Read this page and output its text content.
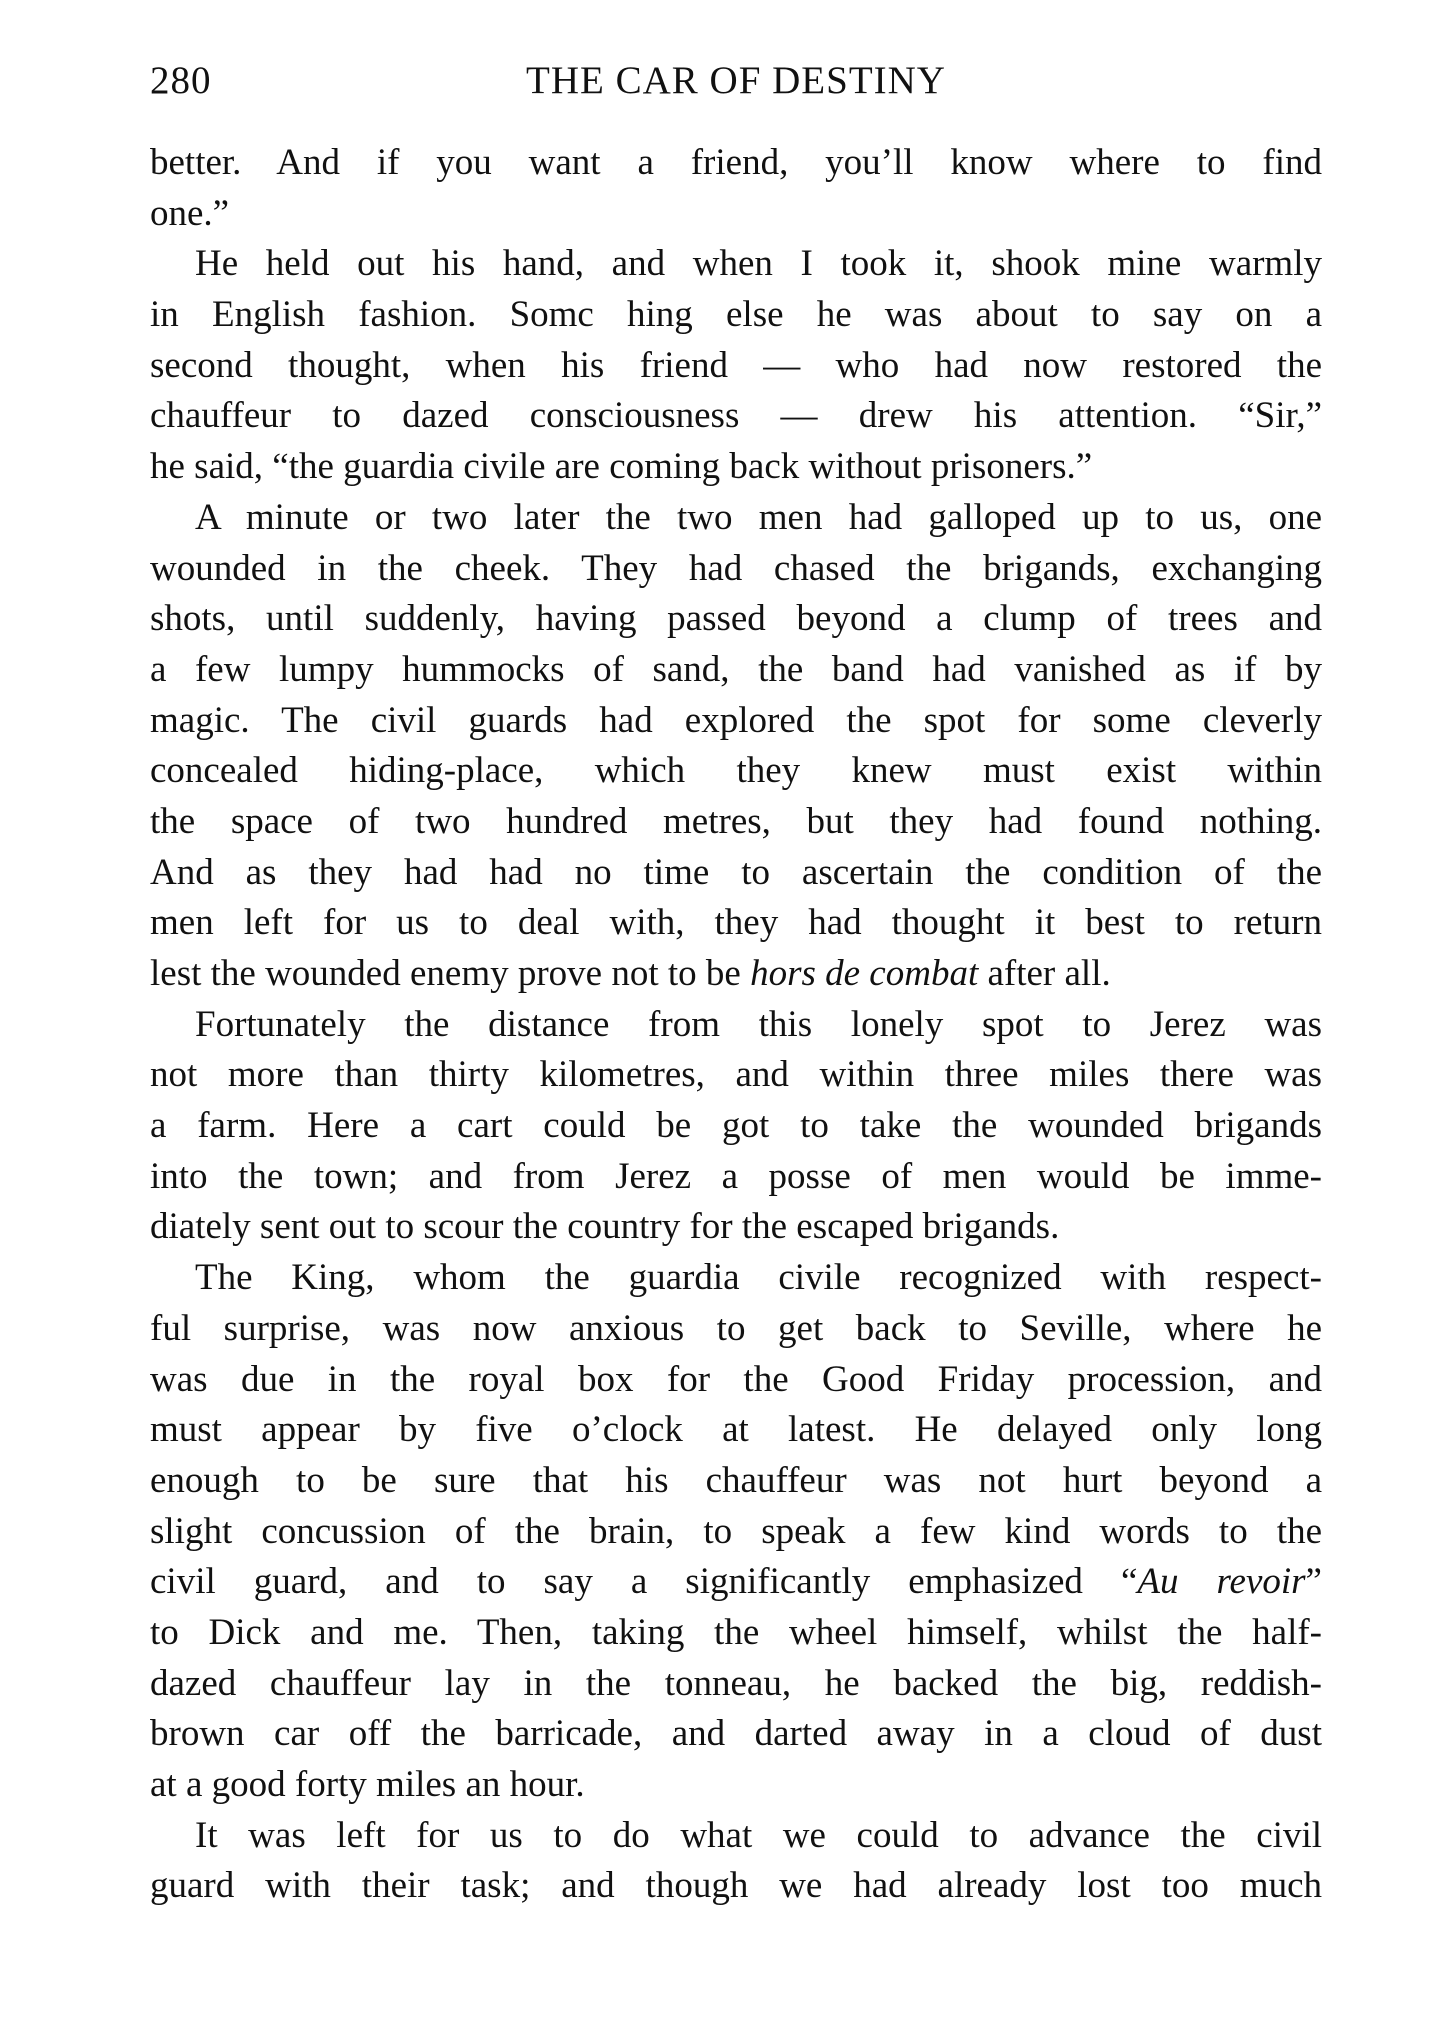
280	THE CAR OF DESTINY
better. And if you want a friend, you’ll know where to find
one.”
He held out his hand, and when I took it, shook mine warmly
in English fashion. Somc hing else he was about to say on a
second thought, when his friend — who had now restored the
chauffeur to dazed consciousness — drew his attention. “Sir,”
he said, “the guardia civile are coming back without prisoners.”
A minute or two later the two men had galloped up to us, one
wounded in the cheek. They had chased the brigands, exchanging
shots, until suddenly, having passed beyond a clump of trees and
a few lumpy hummocks of sand, the band had vanished as if by
magic. The civil guards had explored the spot for some cleverly
concealed hiding-place, which they knew must exist within
the space of two hundred metres, but they had found nothing.
And as they had had no time to ascertain the condition of the
men left for us to deal with, they had thought it best to return
lest the wounded enemy prove not to be hors de combat after all.
Fortunately the distance from this lonely spot to Jerez was
not more than thirty kilometres, and within three miles there was
a farm. Here a cart could be got to take the wounded brigands
into the town; and from Jerez a posse of men would be imme-
diately sent out to scour the country for the escaped brigands.
The King, whom the guardia civile recognized with respect-
ful surprise, was now anxious to get back to Seville, where he
was due in the royal box for the Good Friday procession, and
must appear by five o’clock at latest. He delayed only long
enough to be sure that his chauffeur was not hurt beyond a
slight concussion of the brain, to speak a few kind words to the
civil guard, and to say a significantly emphasized “Au revoir”
to Dick and me. Then, taking the wheel himself, whilst the half-
dazed chauffeur lay in the tonneau, he backed the big, reddish-
brown car off the barricade, and darted away in a cloud of dust
at a good forty miles an hour.
It was left for us to do what we could to advance the civil
guard with their task; and though we had already lost too much
